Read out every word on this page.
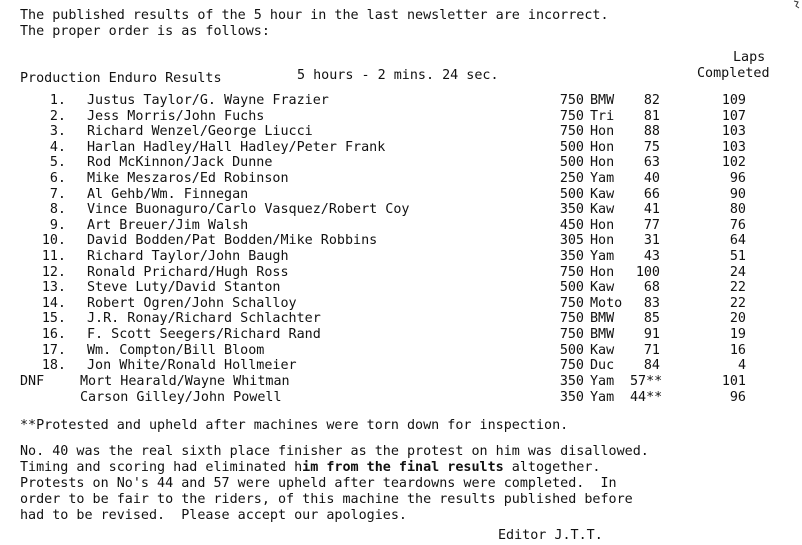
The published results of the 5 hour in the last newsletter are incorrect.
The proper order is as follows:
Laps
Completed
Production Enduro Results	5 hours - 2 mins. 24 sec.
1. Justus Taylor/G. Wayne Frazier	750 BMW	82	109
2. Jess Morris/John Fuchs	750 Tri	81	107
3. Richard Wenzel/George Liucci	750 Hon	88	103
4. Harlan Hadley/Hall Hadley/Peter Frank	500 Hon	75	103
5. Rod McKinnon/Jack Dunne	500 Hon	63	102
6. Mike Meszaros/Ed Robinson	250 Yam	40	96
7. Al Gehb/Wm. Finnegan	500 Kaw	66	90
8. Vince Buonaguro/Carlo Vasquez/Robert Coy	350 Kaw	41	80
9. Art Breuer/Jim Walsh	450 Hon	77	76
10. David Bodden/Pat Bodden/Mike Robbins	305 Hon	31	64
11. Richard Taylor/John Baugh	350 Yam	43	51
12. Ronald Prichard/Hugh Ross	750 Hon	100	24
13. Steve Luty/David Stanton	500 Kaw	68	22
14. Robert Ogren/John Schalloy	750 Moto	83	22
15. J.R. Ronay/Richard Schlachter	750 BMW	85	20
16. F. Scott Seegers/Richard Rand	750 BMW	91	19
17. Wm. Compton/Bill Bloom	500 Kaw	71	16
18. Jon White/Ronald Hollmeier	750 Duc	84	4
DNF	Mort Hearald/Wayne Whitman	350 Yam 57**	101
Carson Gilley/John Powell	350 Yam 44**	96
**Protested and upheld after machines were torn down for inspection.
No. 40 was the real sixth place finisher as the protest on him was disallowed.
Timing and scoring had eliminated him from the final results altogether.
Protests on No's 44 and 57 were upheld after teardowns were completed.  In
order to be fair to the riders, of this machine the results published before
had to be revised.  Please accept our apologies.
Editor J.T.T.
